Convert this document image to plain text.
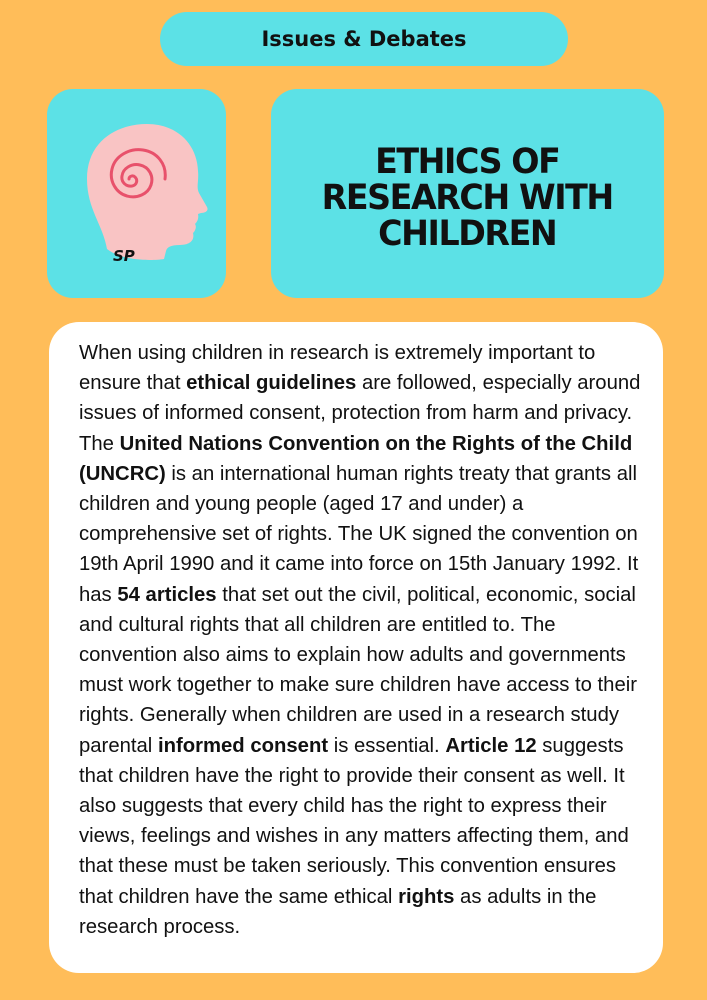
Issues & Debates
SP
ETHICS OF
RESEARCH WITH
CHILDREN

When using children in research is extremely important to ensure that ethical guidelines are followed, especially around issues of informed consent, protection from harm and privacy. The United Nations Convention on the Rights of the Child (UNCRC) is an international human rights treaty that grants all children and young people (aged 17 and under) a comprehensive set of rights. The UK signed the convention on 19th April 1990 and it came into force on 15th January 1992. It has 54 articles that set out the civil, political, economic, social and cultural rights that all children are entitled to. The convention also aims to explain how adults and governments must work together to make sure children have access to their rights. Generally when children are used in a research study parental informed consent is essential. Article 12 suggests that children have the right to provide their consent as well. It also suggests that every child has the right to express their views, feelings and wishes in any matters affecting them, and that these must be taken seriously. This convention ensures that children have the same ethical rights as adults in the research process.
